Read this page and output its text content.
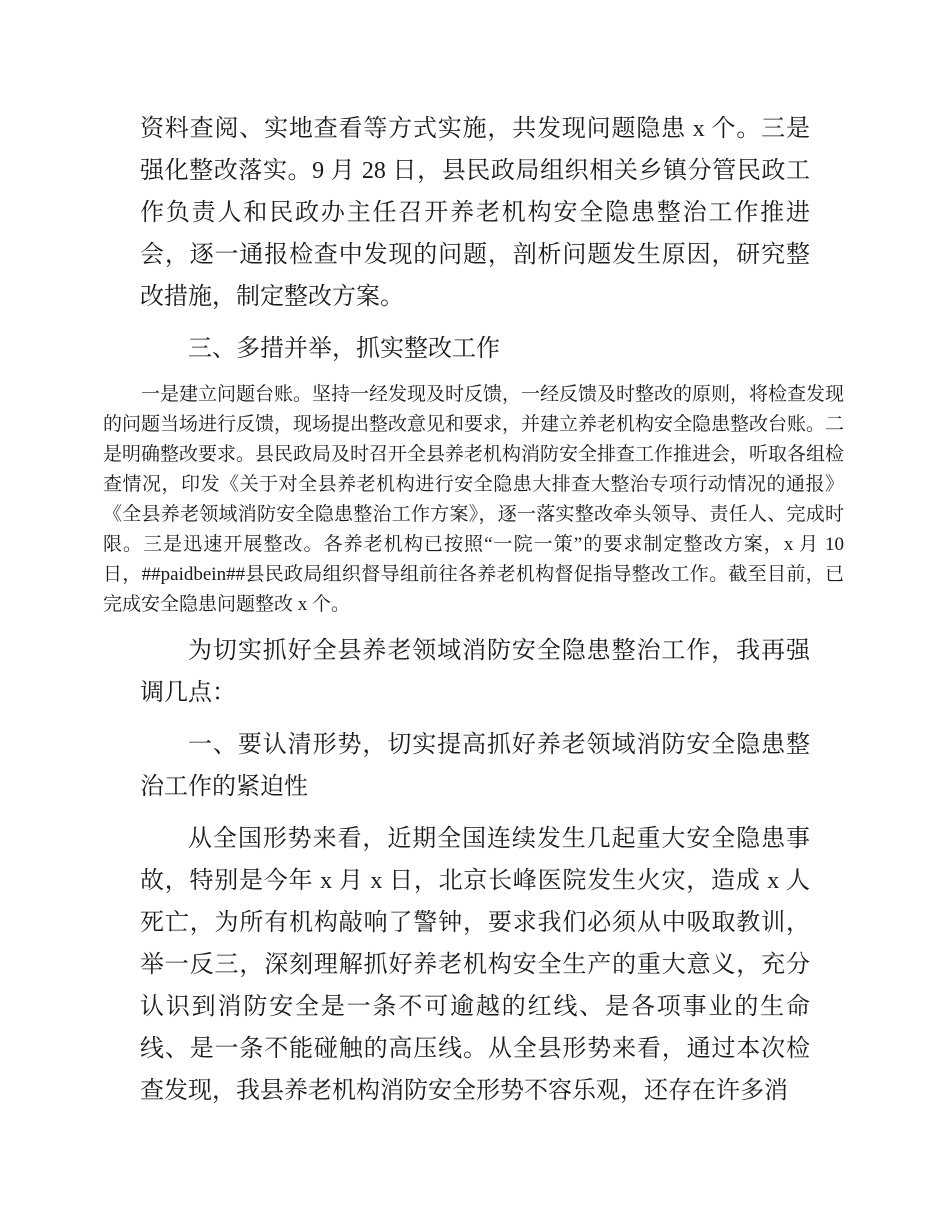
资料查阅、实地查看等方式实施，共发现问题隐患 x 个。三是强化整改落实。9 月 28 日，县民政局组织相关乡镇分管民政工作负责人和民政办主任召开养老机构安全隐患整治工作推进会，逐一通报检查中发现的问题，剖析问题发生原因，研究整改措施，制定整改方案。

三、多措并举，抓实整改工作

一是建立问题台账。坚持一经发现及时反馈，一经反馈及时整改的原则，将检查发现的问题当场进行反馈，现场提出整改意见和要求，并建立养老机构安全隐患整改台账。二是明确整改要求。县民政局及时召开全县养老机构消防安全排查工作推进会，听取各组检查情况，印发《关于对全县养老机构进行安全隐患大排查大整治专项行动情况的通报》《全县养老领域消防安全隐患整治工作方案》，逐一落实整改牵头领导、责任人、完成时限。三是迅速开展整改。各养老机构已按照“一院一策”的要求制定整改方案，x 月 10 日，##paidbein##县民政局组织督导组前往各养老机构督促指导整改工作。截至目前，已完成安全隐患问题整改 x 个。

为切实抓好全县养老领域消防安全隐患整治工作，我再强调几点：

一、要认清形势，切实提高抓好养老领域消防安全隐患整治工作的紧迫性

从全国形势来看，近期全国连续发生几起重大安全隐患事故，特别是今年 x 月 x 日，北京长峰医院发生火灾，造成 x 人死亡，为所有机构敲响了警钟，要求我们必须从中吸取教训，举一反三，深刻理解抓好养老机构安全生产的重大意义，充分认识到消防安全是一条不可逾越的红线、是各项事业的生命线、是一条不能碰触的高压线。从全县形势来看，通过本次检查发现，我县养老机构消防安全形势不容乐观，还存在许多消
